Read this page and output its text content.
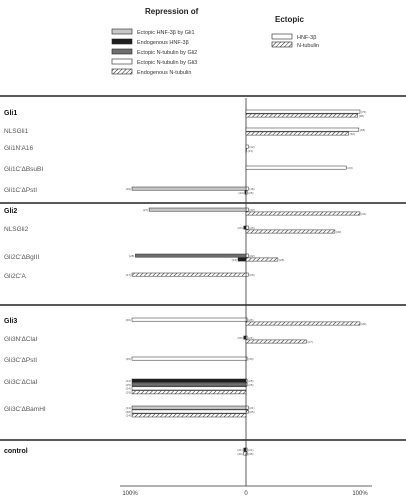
Repression of
Ectopic HNF-3β by Gli1
Endogenous HNF-3β
Ectopic N-tubulin by Gli2
Ectopic N-tubulin by Gli3
Endogenous N-tubulin
Ectopic
HNF-3β
N-tubulin
Gli1	(76)
(28)
NLSGli1	(18)
(32)
Gli1N'A16	(32)
(21)
Gli1C'ΔBsuBI	(20)
Gli1C'ΔPstI	(18)
(39)
(25)
(23)
Gli2	(33)
(31)
(27)
NLSGli2	(26)
(30)
(29)
Gli2C'ΔBgIII	(22)
(25)
(28)
(24)
Gli2C'A	(26)
(27)
Gli3	(26)
(30)
(30)
Gli3N'ΔClaI	(21)
(27)
(28)
Gli3C'ΔPstI	(30)
(25)
Gli3C'ΔClaI	(25)
(25)
(24)
(25)
(24)
(29)
Gli3C'ΔBamHI	(21)
(25)
(24)
(28)
(24)
control	(24)
(35)
(21)
(30)
100%	0	100%
